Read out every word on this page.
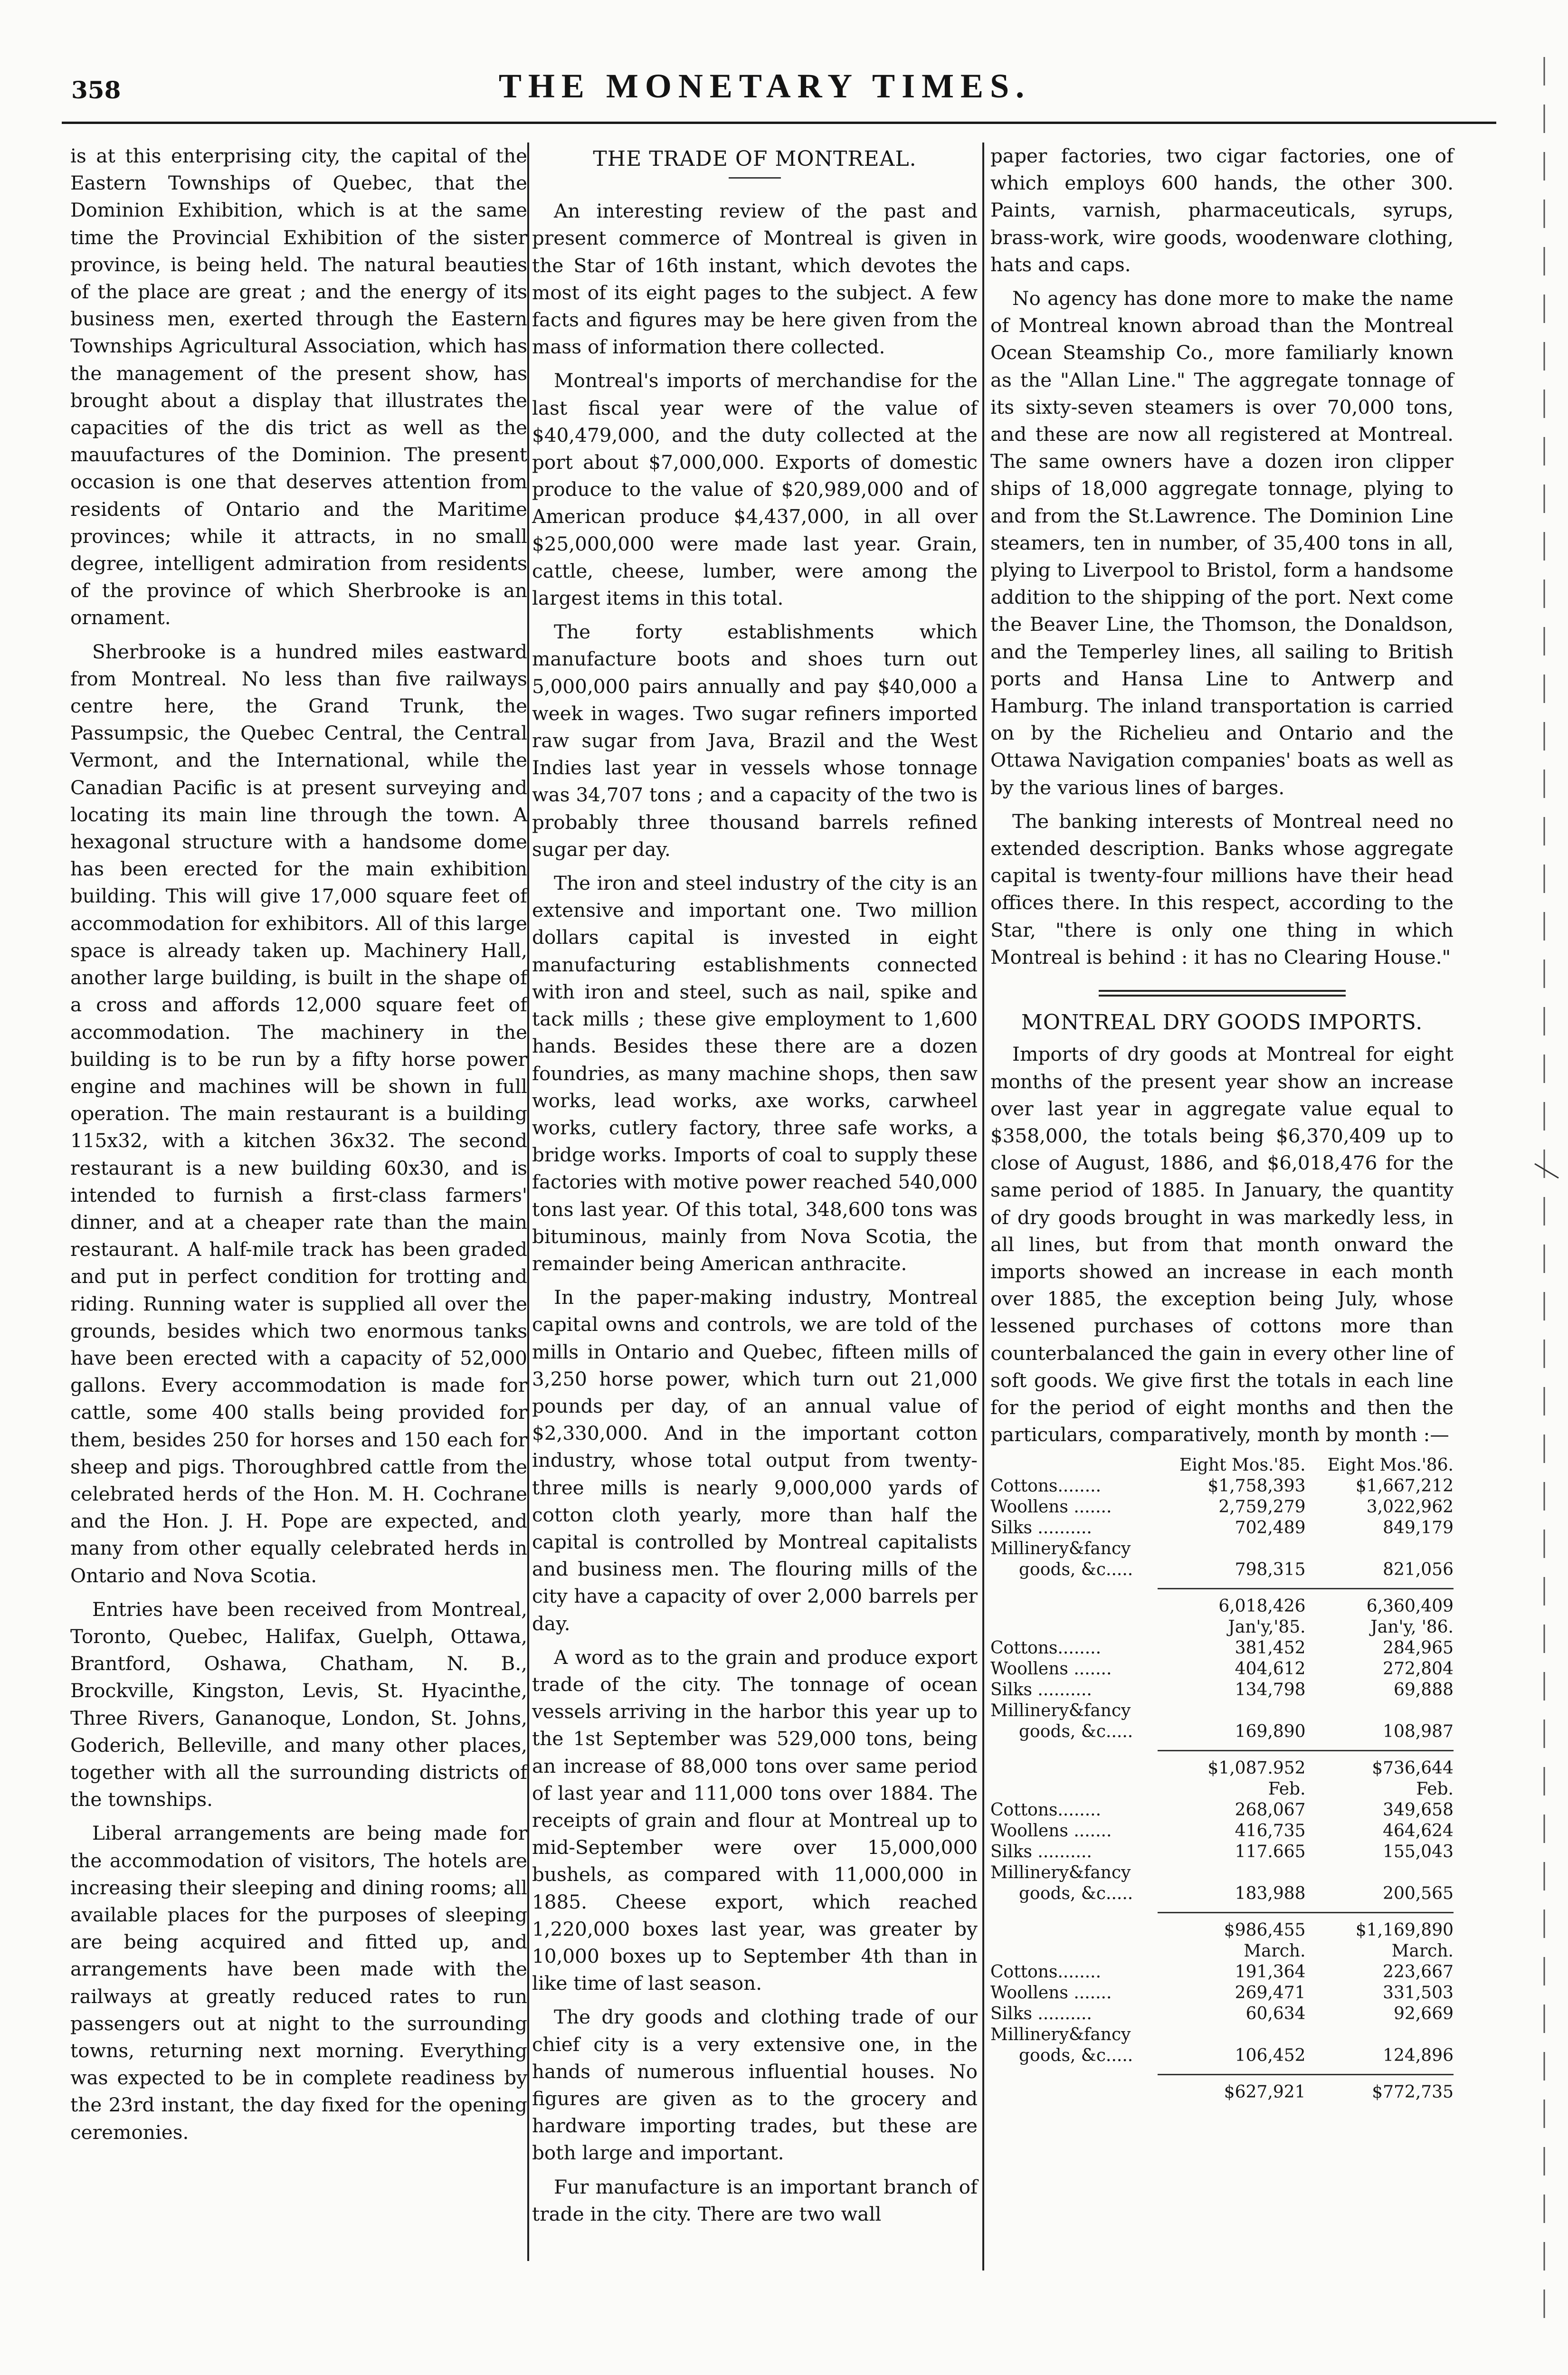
358	THE MONETARY TIMES.

is at this enterprising city, the capital of the Eastern Townships of Quebec, that the Dominion Exhibition, which is at the same time the Provincial Exhibition of the sister province, is being held. The natural beauties of the place are great ; and the energy of its business men, exerted through the Eastern Townships Agricultural Association, which has the management of the present show, has brought about a display that illustrates the capacities of the dis trict as well as the mauufactures of the Dominion. The present occasion is one that deserves attention from residents of Ontario and the Maritime provinces; while it attracts, in no small degree, intelligent admiration from residents of the province of which Sherbrooke is an ornament.

Sherbrooke is a hundred miles eastward from Montreal. No less than five railways centre here, the Grand Trunk, the Passumpsic, the Quebec Central, the Central Vermont, and the International, while the Canadian Pacific is at present surveying and locating its main line through the town. A hexagonal structure with a handsome dome has been erected for the main exhibition building. This will give 17,000 square feet of accommodation for exhibitors. All of this large space is already taken up. Machinery Hall, another large building, is built in the shape of a cross and affords 12,000 square feet of accommodation. The machinery in the building is to be run by a fifty horse power engine and machines will be shown in full operation. The main restaurant is a building 115x32, with a kitchen 36x32. The second restaurant is a new building 60x30, and is intended to furnish a first-class farmers' dinner, and at a cheaper rate than the main restaurant. A half-mile track has been graded and put in perfect condition for trotting and riding. Running water is supplied all over the grounds, besides which two enormous tanks have been erected with a capacity of 52,000 gallons. Every accommodation is made for cattle, some 400 stalls being provided for them, besides 250 for horses and 150 each for sheep and pigs. Thoroughbred cattle from the celebrated herds of the Hon. M. H. Cochrane and the Hon. J. H. Pope are expected, and many from other equally celebrated herds in Ontario and Nova Scotia.

Entries have been received from Montreal, Toronto, Quebec, Halifax, Guelph, Ottawa, Brantford, Oshawa, Chatham, N. B., Brockville, Kingston, Levis, St. Hyacinthe, Three Rivers, Gananoque, London, St. Johns, Goderich, Belleville, and many other places, together with all the surrounding districts of the townships.

Liberal arrangements are being made for the accommodation of visitors, The hotels are increasing their sleeping and dining rooms; all available places for the purposes of sleeping are being acquired and fitted up, and arrangements have been made with the railways at greatly reduced rates to run passengers out at night to the surrounding towns, returning next morning. Everything was expected to be in complete readiness by the 23rd instant, the day fixed for the opening ceremonies.

THE TRADE OF MONTREAL.

An interesting review of the past and present commerce of Montreal is given in the Star of 16th instant, which devotes the most of its eight pages to the subject. A few facts and figures may be here given from the mass of information there collected.

Montreal's imports of merchandise for the last fiscal year were of the value of $40,479,000, and the duty collected at the port about $7,000,000. Exports of domestic produce to the value of $20,989,000 and of American produce $4,437,000, in all over $25,000,000 were made last year. Grain, cattle, cheese, lumber, were among the largest items in this total.

The forty establishments which manufacture boots and shoes turn out 5,000,000 pairs annually and pay $40,000 a week in wages. Two sugar refiners imported raw sugar from Java, Brazil and the West Indies last year in vessels whose tonnage was 34,707 tons ; and a capacity of the two is probably three thousand barrels refined sugar per day.

The iron and steel industry of the city is an extensive and important one. Two million dollars capital is invested in eight manufacturing establishments connected with iron and steel, such as nail, spike and tack mills ; these give employment to 1,600 hands. Besides these there are a dozen foundries, as many machine shops, then saw works, lead works, axe works, carwheel works, cutlery factory, three safe works, a bridge works. Imports of coal to supply these factories with motive power reached 540,000 tons last year. Of this total, 348,600 tons was bituminous, mainly from Nova Scotia, the remainder being American anthracite.

In the paper-making industry, Montreal capital owns and controls, we are told of the mills in Ontario and Quebec, fifteen mills of 3,250 horse power, which turn out 21,000 pounds per day, of an annual value of $2,330,000. And in the important cotton industry, whose total output from twenty-three mills is nearly 9,000,000 yards of cotton cloth yearly, more than half the capital is controlled by Montreal capitalists and business men. The flouring mills of the city have a capacity of over 2,000 barrels per day.

A word as to the grain and produce export trade of the city. The tonnage of ocean vessels arriving in the harbor this year up to the 1st September was 529,000 tons, being an increase of 88,000 tons over same period of last year and 111,000 tons over 1884. The receipts of grain and flour at Montreal up to mid-September were over 15,000,000 bushels, as compared with 11,000,000 in 1885. Cheese export, which reached 1,220,000 boxes last year, was greater by 10,000 boxes up to September 4th than in like time of last season.

The dry goods and clothing trade of our chief city is a very extensive one, in the hands of numerous influential houses. No figures are given as to the grocery and hardware importing trades, but these are both large and important.

Fur manufacture is an important branch of trade in the city. There are two wall

paper factories, two cigar factories, one of which employs 600 hands, the other 300. Paints, varnish, pharmaceuticals, syrups, brass-work, wire goods, woodenware clothing, hats and caps.

No agency has done more to make the name of Montreal known abroad than the Montreal Ocean Steamship Co., more familiarly known as the "Allan Line." The aggregate tonnage of its sixty-seven steamers is over 70,000 tons, and these are now all registered at Montreal. The same owners have a dozen iron clipper ships of 18,000 aggregate tonnage, plying to and from the St.Lawrence. The Dominion Line steamers, ten in number, of 35,400 tons in all, plying to Liverpool to Bristol, form a handsome addition to the shipping of the port. Next come the Beaver Line, the Thomson, the Donaldson, and the Temperley lines, all sailing to British ports and Hansa Line to Antwerp and Hamburg. The inland transportation is carried on by the Richelieu and Ontario and the Ottawa Navigation companies' boats as well as by the various lines of barges.

The banking interests of Montreal need no extended description. Banks whose aggregate capital is twenty-four millions have their head offices there. In this respect, according to the Star, "there is only one thing in which Montreal is behind : it has no Clearing House."

MONTREAL DRY GOODS IMPORTS.

Imports of dry goods at Montreal for eight months of the present year show an increase over last year in aggregate value equal to $358,000, the totals being $6,370,409 up to close of August, 1886, and $6,018,476 for the same period of 1885. In January, the quantity of dry goods brought in was markedly less, in all lines, but from that month onward the imports showed an increase in each month over 1885, the exception being July, whose lessened purchases of cottons more than counterbalanced the gain in every other line of soft goods. We give first the totals in each line for the period of eight months and then the particulars, comparatively, month by month :—

	Eight Mos.'85.	Eight Mos.'86.
Cottons........	$1,758,393	$1,667,212
Woollens .......	2,759,279	3,022,962
Silks ..........	702,489	849,179
Millinery&fancy		
goods, &c.....	798,315	821,056

	6,018,426	6,360,409
	Jan'y,'85.	Jan'y, '86.
Cottons........	381,452	284,965
Woollens .......	404,612	272,804
Silks ..........	134,798	69,888
Millinery&fancy		
goods, &c.....	169,890	108,987

	$1,087.952	$736,644
	Feb.	Feb.
Cottons........	268,067	349,658
Woollens .......	416,735	464,624
Silks ..........	117.665	155,043
Millinery&fancy		
goods, &c.....	183,988	200,565

	$986,455	$1,169,890
	March.	March.
Cottons........	191,364	223,667
Woollens .......	269,471	331,503
Silks ..........	60,634	92,669
Millinery&fancy		
goods, &c.....	106,452	124,896

	$627,921	$772,735
